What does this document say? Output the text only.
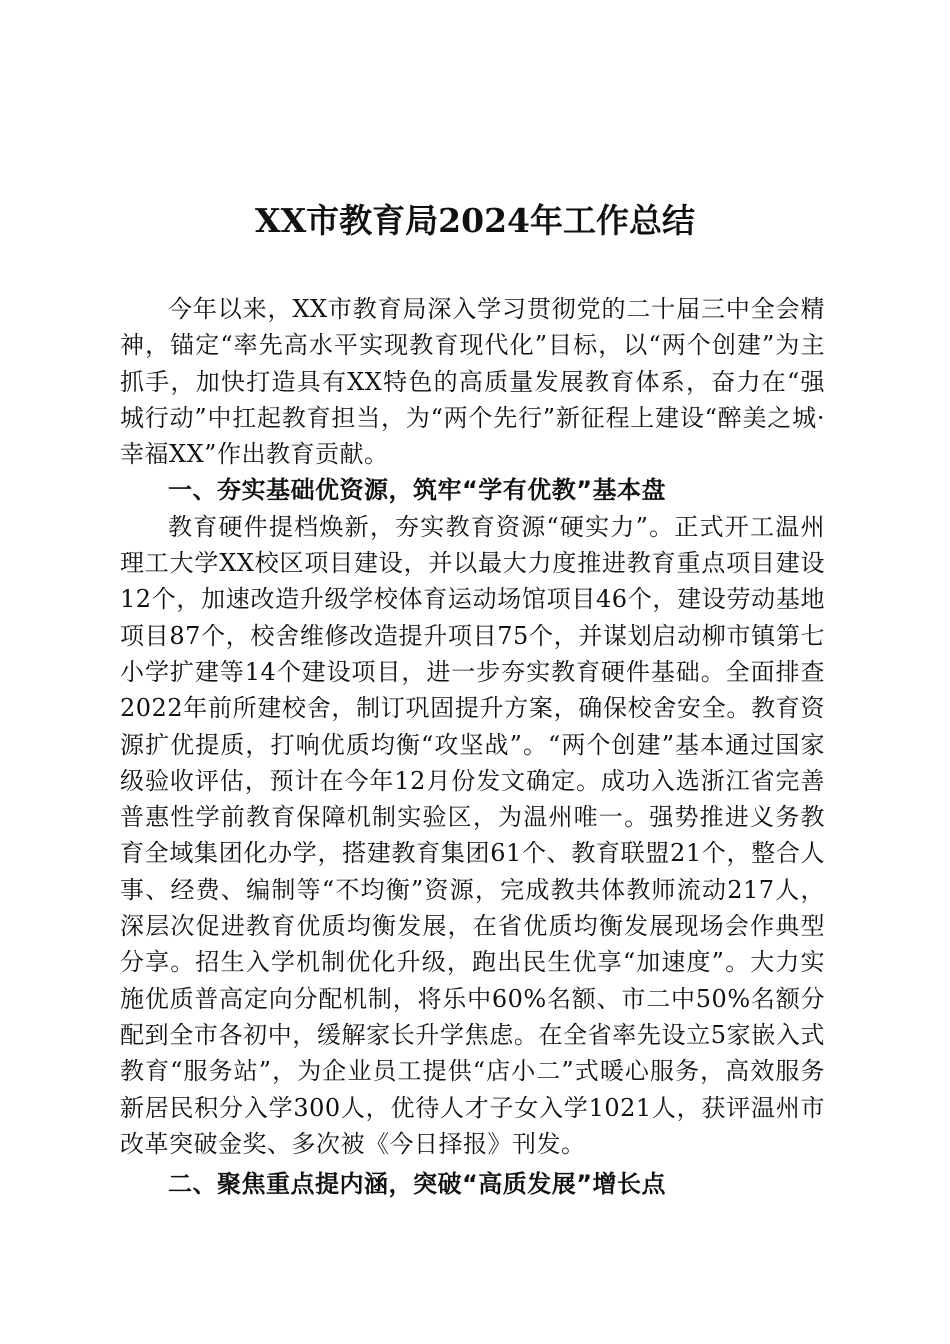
XX市教育局2024年工作总结

今年以来，XX市教育局深入学习贯彻党的二十届三中全会精神，锚定“率先高水平实现教育现代化”目标，以“两个创建”为主抓手，加快打造具有XX特色的高质量发展教育体系，奋力在“强城行动”中扛起教育担当，为“两个先行”新征程上建设“醉美之城·幸福XX”作出教育贡献。

一、夯实基础优资源，筑牢“学有优教”基本盘

教育硬件提档焕新，夯实教育资源“硬实力”。正式开工温州理工大学XX校区项目建设，并以最大力度推进教育重点项目建设12个，加速改造升级学校体育运动场馆项目46个，建设劳动基地项目87个，校舍维修改造提升项目75个，并谋划启动柳市镇第七小学扩建等14个建设项目，进一步夯实教育硬件基础。全面排查2022年前所建校舍，制订巩固提升方案，确保校舍安全。教育资源扩优提质，打响优质均衡“攻坚战”。“两个创建”基本通过国家级验收评估，预计在今年12月份发文确定。成功入选浙江省完善普惠性学前教育保障机制实验区，为温州唯一。强势推进义务教育全域集团化办学，搭建教育集团61个、教育联盟21个，整合人事、经费、编制等“不均衡”资源，完成教共体教师流动217人，深层次促进教育优质均衡发展，在省优质均衡发展现场会作典型分享。招生入学机制优化升级，跑出民生优享“加速度”。大力实施优质普高定向分配机制，将乐中60%名额、市二中50%名额分配到全市各初中，缓解家长升学焦虑。在全省率先设立5家嵌入式教育“服务站”，为企业员工提供“店小二”式暖心服务，高效服务新居民积分入学300人，优待人才子女入学1021人，获评温州市改革突破金奖、多次被《今日择报》刊发。

二、聚焦重点提内涵，突破“高质发展”增长点
